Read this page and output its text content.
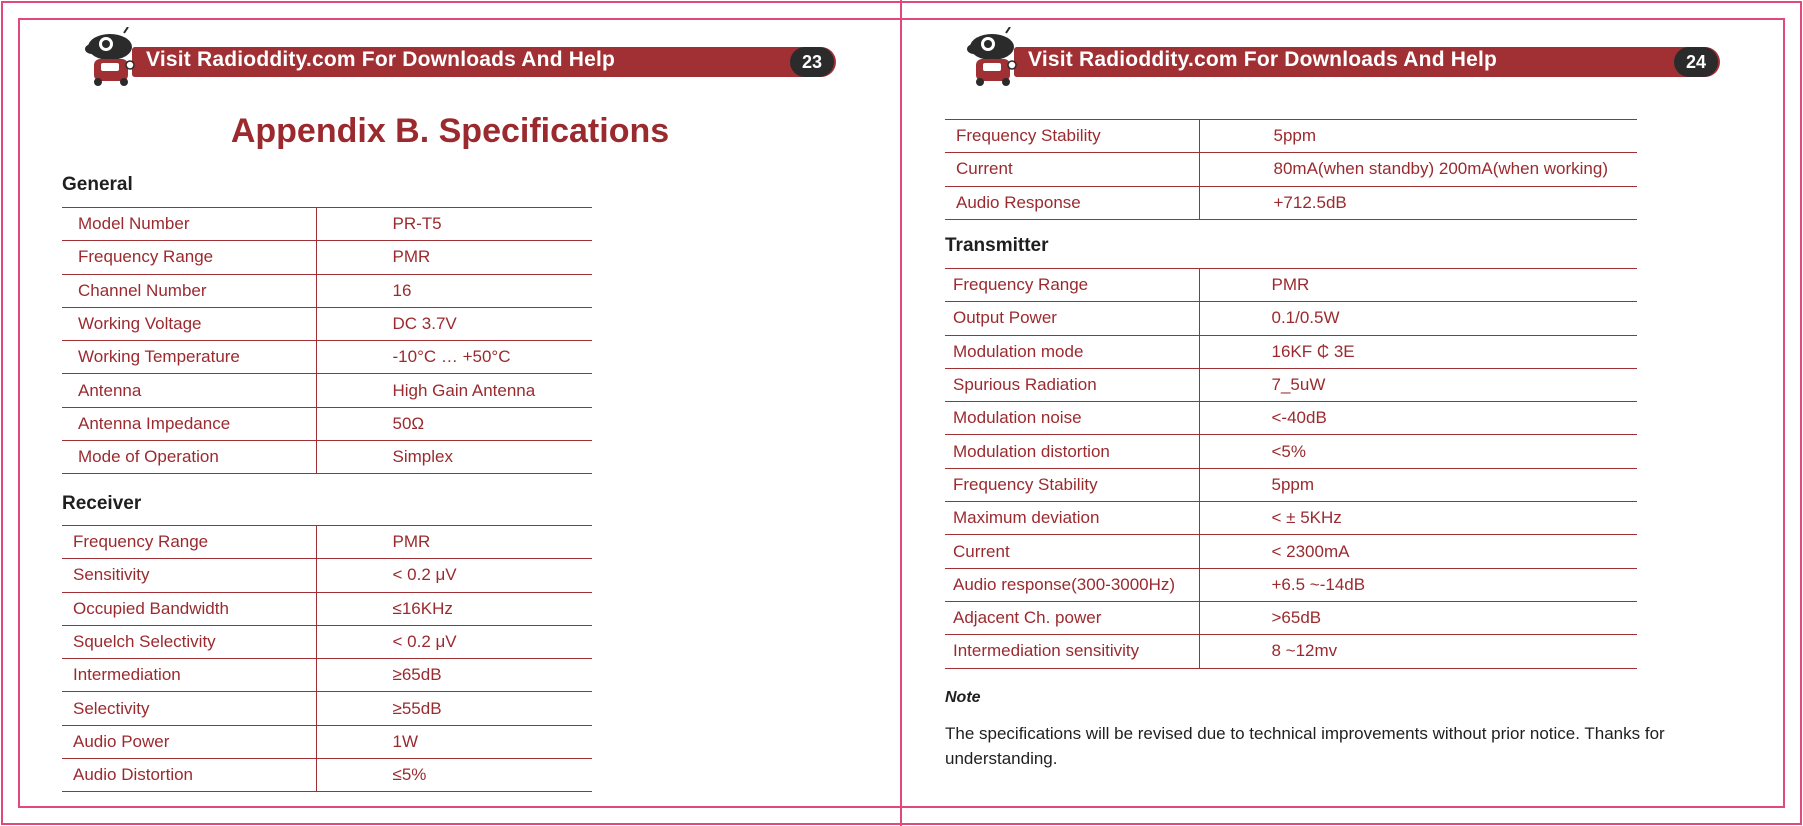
Visit Radioddity.com For Downloads And Help	23
Appendix B. Specifications
General
Model Number	PR-T5
Frequency Range	PMR
Channel Number	16
Working Voltage	DC 3.7V
Working Temperature	-10°C … +50°C
Antenna	High Gain Antenna
Antenna Impedance	50Ω
Mode of Operation	Simplex
Receiver
Frequency Range	PMR
Sensitivity	< 0.2 μV
Occupied Bandwidth	≤16KHz
Squelch Selectivity	< 0.2 μV
Intermediation	≥65dB
Selectivity	≥55dB
Audio Power	1W
Audio Distortion	≤5%
Visit Radioddity.com For Downloads And Help	24
Frequency Stability	5ppm
Current	80mA(when standby) 200mA(when working)
Audio Response	+712.5dB
Transmitter
Frequency Range	PMR
Output Power	0.1/0.5W
Modulation mode	16KF ₵ 3E
Spurious Radiation	7_5uW
Modulation noise	<-40dB
Modulation distortion	<5%
Frequency Stability	5ppm
Maximum deviation	< ± 5KHz
Current	< 2300mA
Audio response(300-3000Hz)	+6.5 ~-14dB
Adjacent Ch. power	>65dB
Intermediation sensitivity	8 ~12mv
Note
The specifications will be revised due to technical improvements without prior notice. Thanks for understanding.
